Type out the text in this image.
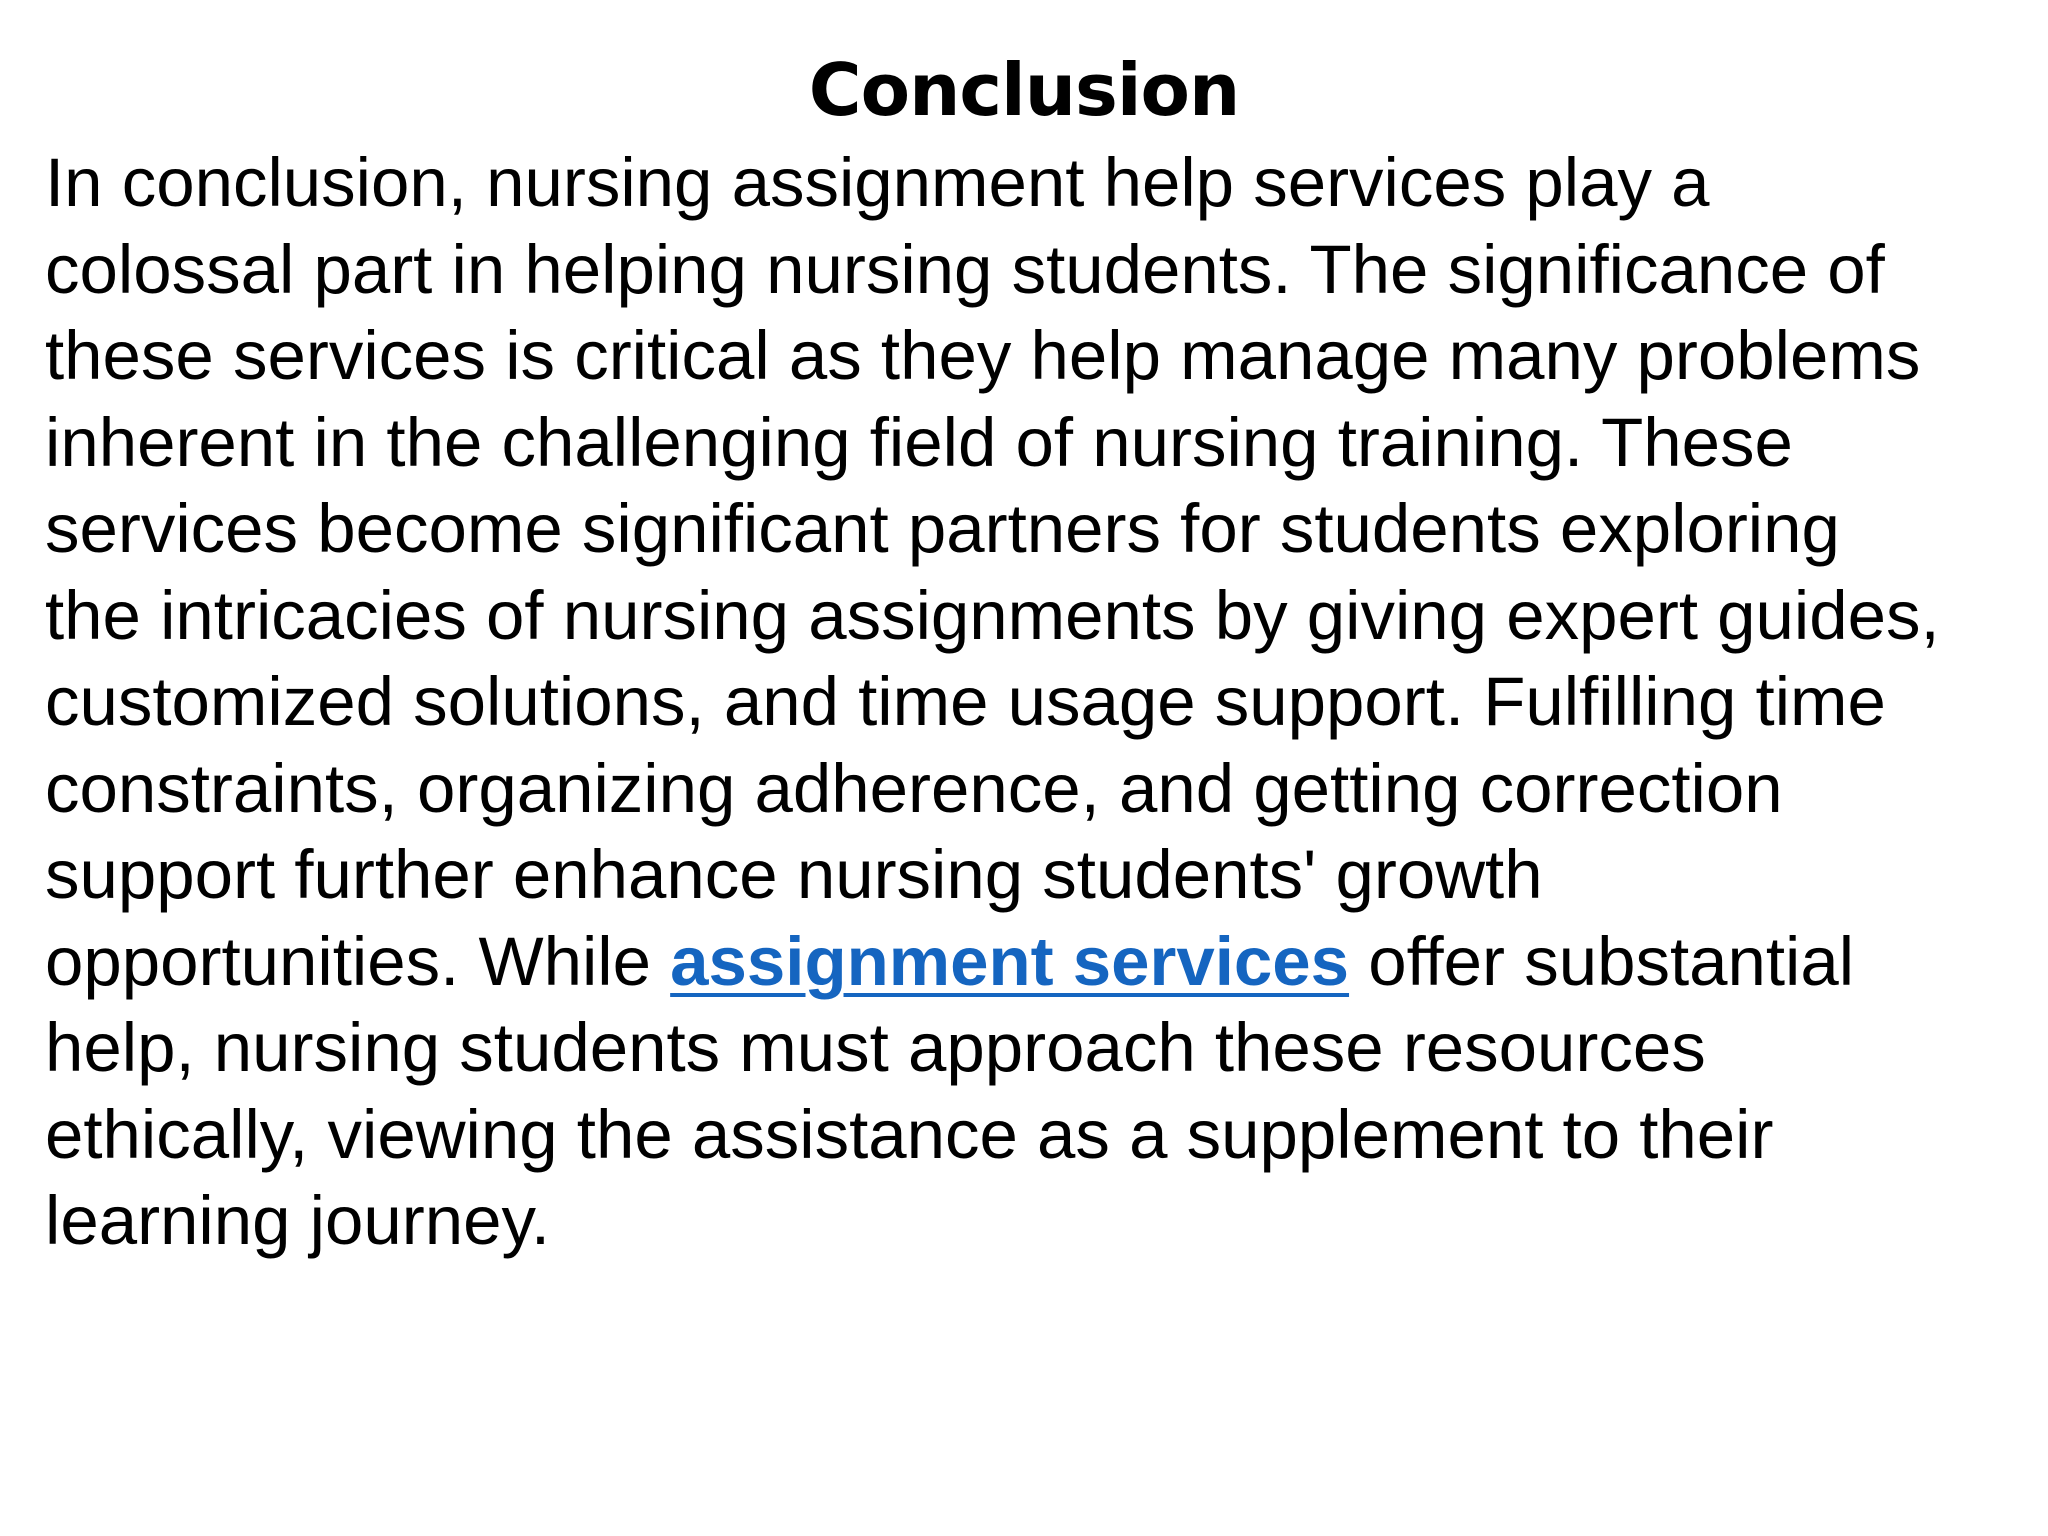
Conclusion

In conclusion, nursing assignment help services play a
colossal part in helping nursing students. The significance of
these services is critical as they help manage many problems
inherent in the challenging field of nursing training. These
services become significant partners for students exploring
the intricacies of nursing assignments by giving expert guides,
customized solutions, and time usage support. Fulfilling time
constraints, organizing adherence, and getting correction
support further enhance nursing students' growth
opportunities. While assignment services offer substantial
help, nursing students must approach these resources
ethically, viewing the assistance as a supplement to their
learning journey.
